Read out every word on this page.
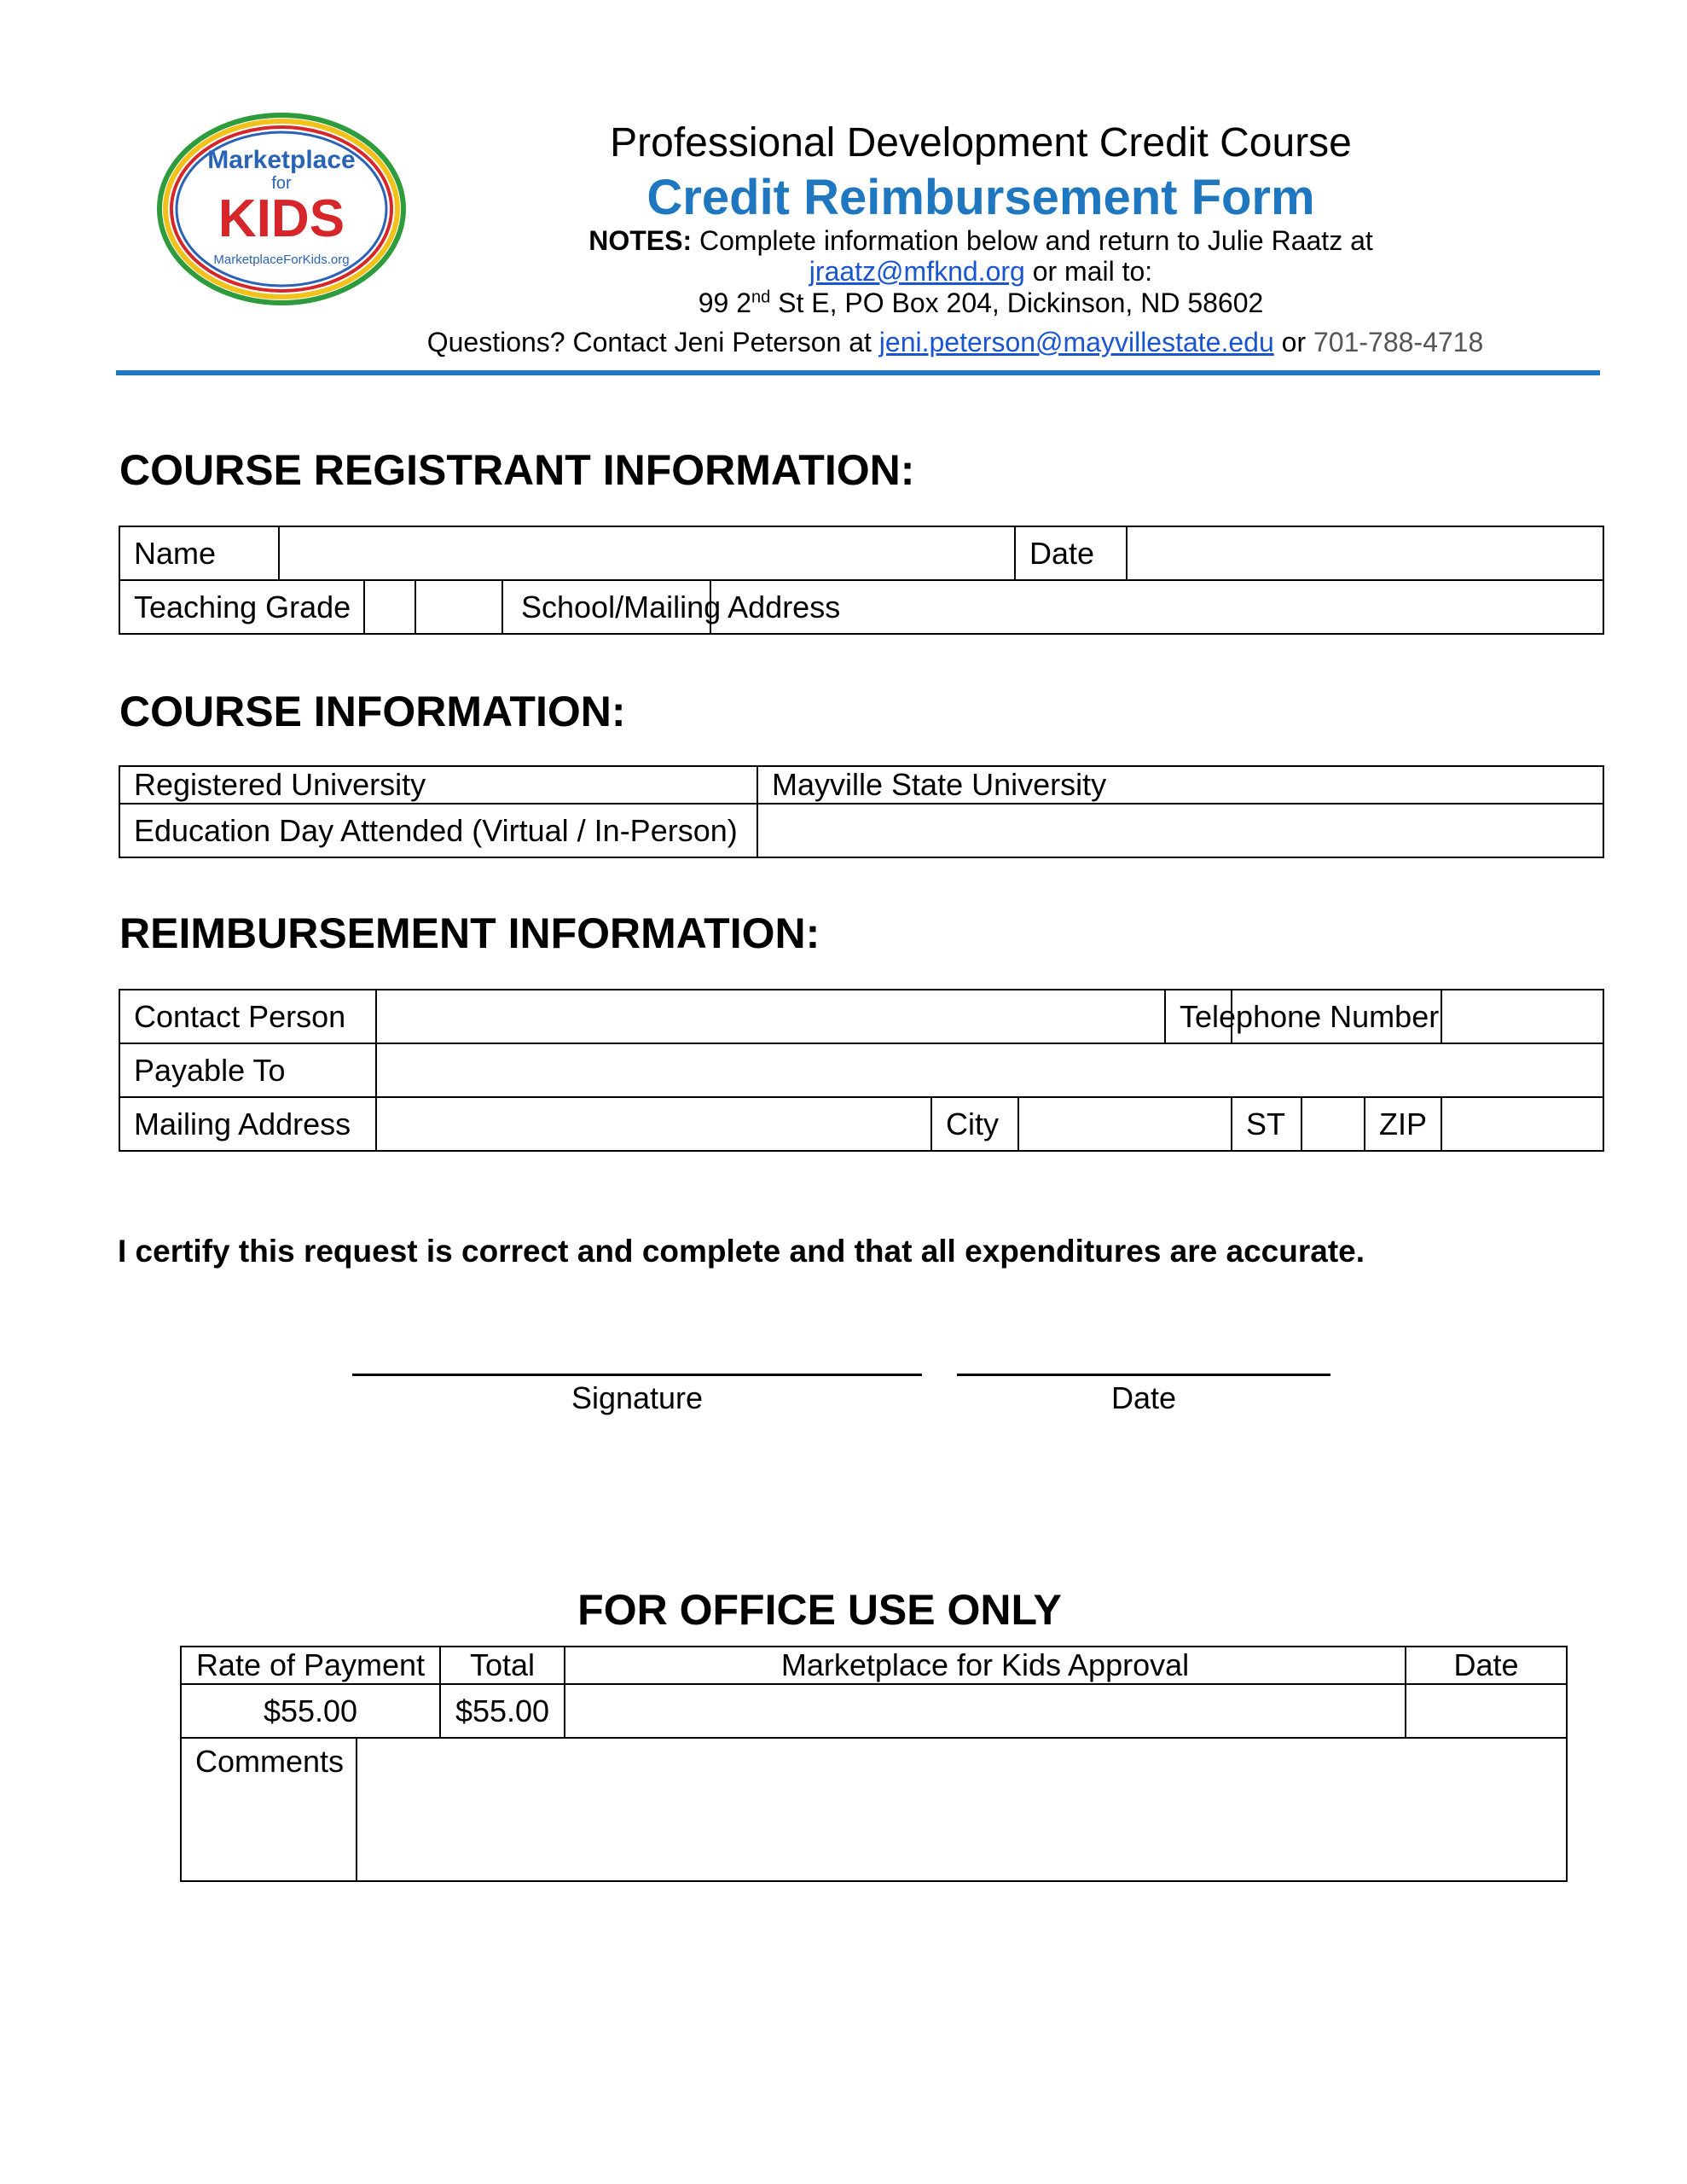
Marketplace
for
KIDS
MarketplaceForKids.org
Professional Development Credit Course
Credit Reimbursement Form
NOTES: Complete information below and return to Julie Raatz at
jraatz@mfknd.org or mail to:
99 2nd St E, PO Box 204, Dickinson, ND 58602
Questions? Contact Jeni Peterson at jeni.peterson@mayvillestate.edu or 701-788-4718
COURSE REGISTRANT INFORMATION:
Name				Date	
Teaching Grade		School/Mailing Address			
COURSE INFORMATION:
Registered University	Mayville State University
Education Day Attended (Virtual / In-Person)	
REIMBURSEMENT INFORMATION:
Contact Person				Telephone Number			

Payable To							
Mailing Address		City		ST		ZIP	
I certify this request is correct and complete and that all expenditures are accurate.
Signature	Date
FOR OFFICE USE ONLY
Rate of Payment		Total	Marketplace for Kids Approval	Date
$55.00		$55.00		
Comments				
